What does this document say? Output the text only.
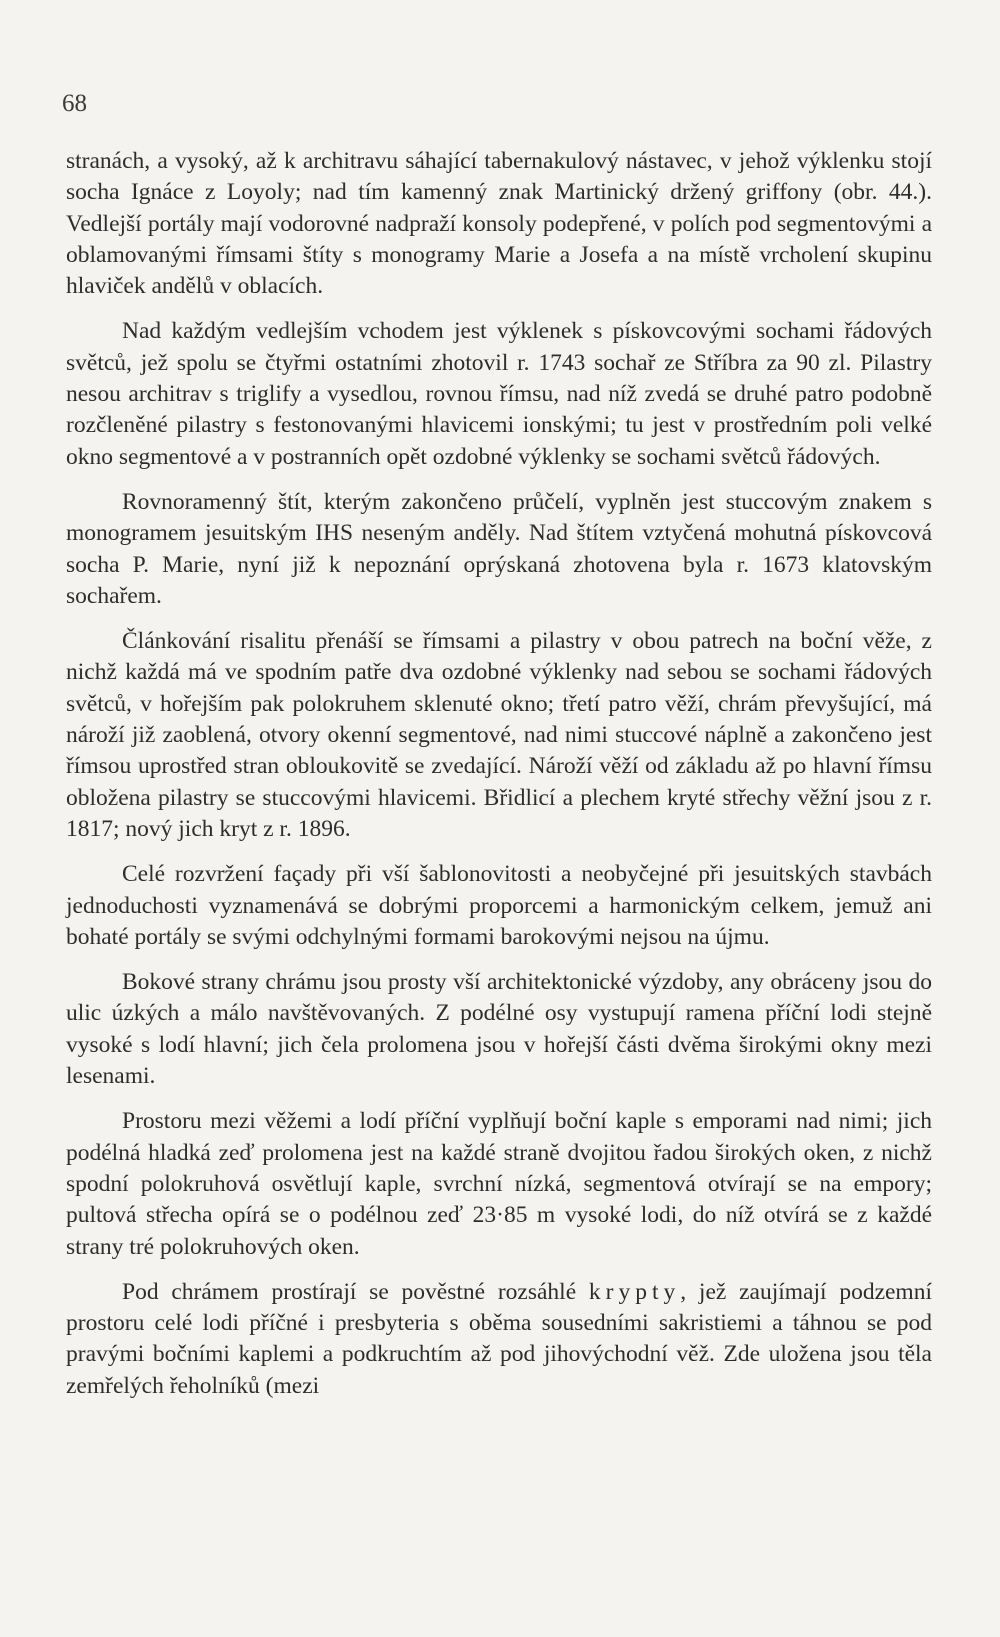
68

stranách, a vysoký, až k architravu sáhající tabernakulový nástavec, v jehož výklenku stojí socha Ignáce z Loyoly; nad tím kamenný znak Martinický držený griffony (obr. 44.). Vedlejší portály mají vodorovné nadpraží konsoly podepřené, v polích pod segmentovými a oblamovanými římsami štíty s monogramy Marie a Josefa a na místě vrcholení skupinu hlaviček andělů v oblacích.

Nad každým vedlejším vchodem jest výklenek s pískovcovými sochami řádových světců, jež spolu se čtyřmi ostatními zhotovil r. 1743 sochař ze Stříbra za 90 zl. Pilastry nesou architrav s triglify a vysedlou, rovnou římsu, nad níž zvedá se druhé patro podobně rozčleněné pilastry s festonovanými hlavicemi ionskými; tu jest v prostředním poli velké okno segmentové a v postranních opět ozdobné výklenky se sochami světců řádových.

Rovnoramenný štít, kterým zakončeno průčelí, vyplněn jest stuccovým znakem s monogramem jesuitským IHS neseným anděly. Nad štítem vztyčená mohutná pískovcová socha P. Marie, nyní již k nepoznání oprýskaná zhotovena byla r. 1673 klatovským sochařem.

Článkování risalitu přenáší se římsami a pilastry v obou patrech na boční věže, z nichž každá má ve spodním patře dva ozdobné výklenky nad sebou se sochami řádových světců, v hořejším pak polokruhem sklenuté okno; třetí patro věží, chrám převyšující, má nároží již zaoblená, otvory okenní segmentové, nad nimi stuccové náplně a zakončeno jest římsou uprostřed stran obloukovitě se zvedající. Nároží věží od základu až po hlavní římsu obložena pilastry se stuccovými hlavicemi. Břidlicí a plechem kryté střechy věžní jsou z r. 1817; nový jich kryt z r. 1896.

Celé rozvržení façady při vší šablonovitosti a neobyčejné při jesuitských stavbách jednoduchosti vyznamenává se dobrými proporcemi a harmonickým celkem, jemuž ani bohaté portály se svými odchylnými formami barokovými nejsou na újmu.

Bokové strany chrámu jsou prosty vší architektonické výzdoby, any obráceny jsou do ulic úzkých a málo navštěvovaných. Z podélné osy vystupují ramena příční lodi stejně vysoké s lodí hlavní; jich čela prolomena jsou v hořejší části dvěma širokými okny mezi lesenami.

Prostoru mezi věžemi a lodí příční vyplňují boční kaple s emporami nad nimi; jich podélná hladká zeď prolomena jest na každé straně dvojitou řadou širokých oken, z nichž spodní polokruhová osvětlují kaple, svrchní nízká, segmentová otvírají se na empory; pultová střecha opírá se o podélnou zeď 23·85 m vysoké lodi, do níž otvírá se z každé strany tré polokruhových oken.

Pod chrámem prostírají se pověstné rozsáhlé krypty, jež zaujímají podzemní prostoru celé lodi příčné i presbyteria s oběma sousedními sakristiemi a táhnou se pod pravými bočními kaplemi a podkruchtím až pod jihovýchodní věž. Zde uložena jsou těla zemřelých řeholníků (mezi
